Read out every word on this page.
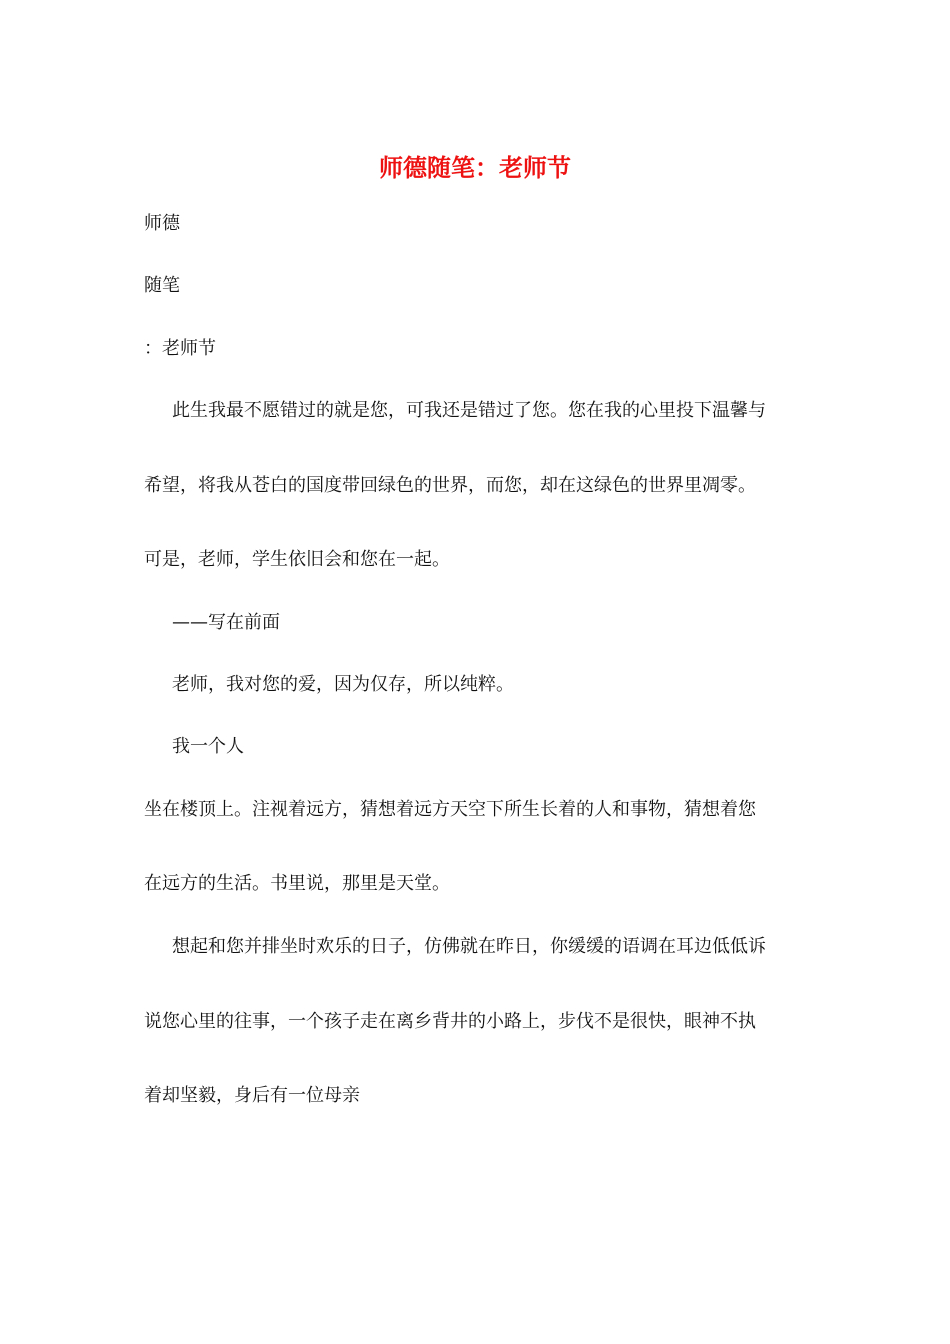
师德随笔：老师节
师德
随笔
：老师节
此生我最不愿错过的就是您，可我还是错过了您。您在我的心里投下温馨与
希望，将我从苍白的国度带回绿色的世界，而您，却在这绿色的世界里凋零。
可是，老师，学生依旧会和您在一起。
——写在前面
老师，我对您的爱，因为仅存，所以纯粹。
我一个人
坐在楼顶上。注视着远方，猜想着远方天空下所生长着的人和事物，猜想着您
在远方的生活。书里说，那里是天堂。
想起和您并排坐时欢乐的日子，仿佛就在昨日，你缓缓的语调在耳边低低诉
说您心里的往事，一个孩子走在离乡背井的小路上，步伐不是很快，眼神不执
着却坚毅，身后有一位母亲
